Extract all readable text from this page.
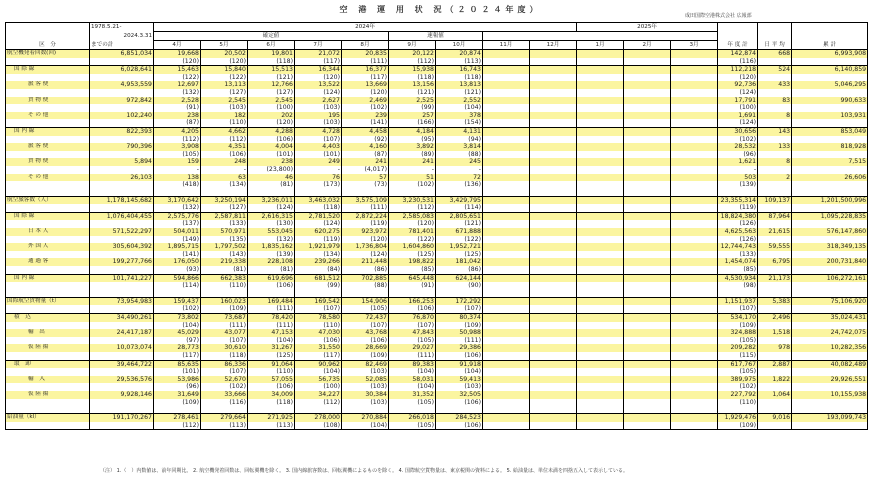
空 港 運 用 状 況（２０２４年度）
成田国際空港株式会社 広報部
区　分	1978.5.21-	2024年									2025年			年 度 計	日 平 均	累 計
	2024.3.31	確定値					速報値									
	までの計	4月	5月	6月	7月	8月	9月	10月	11月	12月	1月	2月	3月			
航空機発着回数(回)	6,851,034	19,668	20,502	19,801	21,072	20,835	20,122	20,874						142,874	668	6,993,908
		(120)	(120)	(118)	(117)	(111)	(112)	(113)						(116)		
国 際 線	6,028,641	15,463	15,840	15,513	16,344	16,377	15,938	16,743						112,218	524	6,140,859
		(122)	(122)	(121)	(120)	(117)	(118)	(118)						(120)		
旅 客 便	4,953,559	12,697	13,113	12,766	13,522	13,669	13,156	13,813						92,736	433	5,046,295
		(132)	(127)	(127)	(124)	(120)	(121)	(121)						(124)		
貨 物 便	972,842	2,528	2,545	2,545	2,627	2,469	2,525	2,552						17,791	83	990,633
		(91)	(103)	(100)	(103)	(102)	(99)	(104)						(100)		
そ の 他	102,240	238	182	202	195	239	257	378						1,691	8	103,931
		(87)	(110)	(120)	(103)	(141)	(166)	(154)						(124)		
国 内 線	822,393	4,205	4,662	4,288	4,728	4,458	4,184	4,131						30,656	143	853,049
		(112)	(112)	(106)	(107)	(92)	(95)	(94)						(102)		
旅 客 便	790,396	3,908	4,351	4,004	4,403	4,160	3,892	3,814						28,532	133	818,928
		(105)	(106)	(101)	(101)	(87)	(89)	(88)						(96)		
貨 物 便	5,894	159	248	238	249	241	241	245						1,621	8	7,515
		-	-	(23,800)	-	(4,017)	-	-						-		
そ の 他	26,103	138	63	46	76	57	51	72						503	2	26,606
		(418)	(134)	(81)	(173)	(73)	(102)	(136)						(139)		

航空旅客数（人）	1,178,145,682	3,170,642	3,250,194	3,236,011	3,463,032	3,575,109	3,230,531	3,429,795						23,355,314	109,137	1,201,500,996
		(132)	(127)	(124)	(118)	(111)	(112)	(114)						(119)		
国 際 線	1,076,404,455	2,575,776	2,587,811	2,616,315	2,781,520	2,872,224	2,585,083	2,805,651						18,824,380	87,964	1,095,228,835
		(137)	(133)	(130)	(124)	(119)	(120)	(121)						(126)		
日 本 人	571,522,297	504,011	570,971	553,045	620,275	923,972	781,401	671,888						4,625,563	21,615	576,147,860
		(149)	(135)	(132)	(119)	(120)	(122)	(122)						(126)		
外 国 人	305,604,392	1,895,715	1,797,502	1,835,162	1,921,979	1,736,804	1,604,860	1,952,721						12,744,743	59,555	318,349,135
		(141)	(143)	(139)	(134)	(124)	(125)	(125)						(133)		
通 過 客	199,277,766	176,050	219,338	228,108	239,266	211,448	198,822	181,042						1,454,074	6,795	200,731,840
		(93)	(81)	(81)	(84)	(86)	(85)	(86)						(85)		
国 内 線	101,741,227	594,866	662,383	619,696	681,512	702,885	645,448	624,144						4,530,934	21,173	106,272,161
		(114)	(110)	(106)	(99)	(88)	(91)	(90)						(98)		

国際航空貨物量（t）	73,954,983	159,437	160,023	169,484	169,542	154,906	166,253	172,292						1,151,937	5,383	75,106,920
		(102)	(109)	(111)	(107)	(105)	(106)	(107)						(107)		
積　込	34,490,261	73,802	73,687	78,420	78,580	72,437	76,870	80,374						534,170	2,496	35,024,431
		(104)	(111)	(111)	(110)	(107)	(107)	(109)						(109)		
輸　出	24,417,187	45,029	43,077	47,153	47,030	43,768	47,843	50,988						324,888	1,518	24,742,075
		(97)	(107)	(104)	(106)	(106)	(105)	(111)						(105)		
仮 陸 揚	10,073,074	28,773	30,610	31,267	31,550	28,669	29,027	29,386						209,282	978	10,282,356
		(117)	(118)	(125)	(117)	(109)	(111)	(106)						(115)		
取　卸	39,464,722	85,635	86,336	91,064	90,962	82,469	89,383	91,918						617,767	2,887	40,082,489
		(101)	(107)	(110)	(104)	(103)	(104)	(104)						(105)		
輸　入	29,536,576	53,986	52,670	57,055	56,735	52,085	58,031	59,413						389,975	1,822	29,926,551
		(96)	(102)	(106)	(100)	(103)	(104)	(103)						(102)		
仮 陸 揚	9,928,146	31,649	33,666	34,009	34,227	30,384	31,352	32,505						227,792	1,064	10,155,938
		(109)	(116)	(118)	(112)	(103)	(105)	(106)						(110)		

給油量（kl）	191,170,267	278,461	279,664	271,925	278,000	270,884	266,018	284,523						1,929,476	9,016	193,099,743
		(112)	(113)	(113)	(108)	(104)	(105)	(106)						(109)		
（注） 1.（　）内数値は、前年同期比。 2. 航空機発着回数は、回転翼機を除く。 3. 国内線旅客数は、回転翼機によるものを除く。 4. 国際航空貨物量は、東京税関の資料による。 5. 給油量は、単位未満を四捨五入して表示している。
